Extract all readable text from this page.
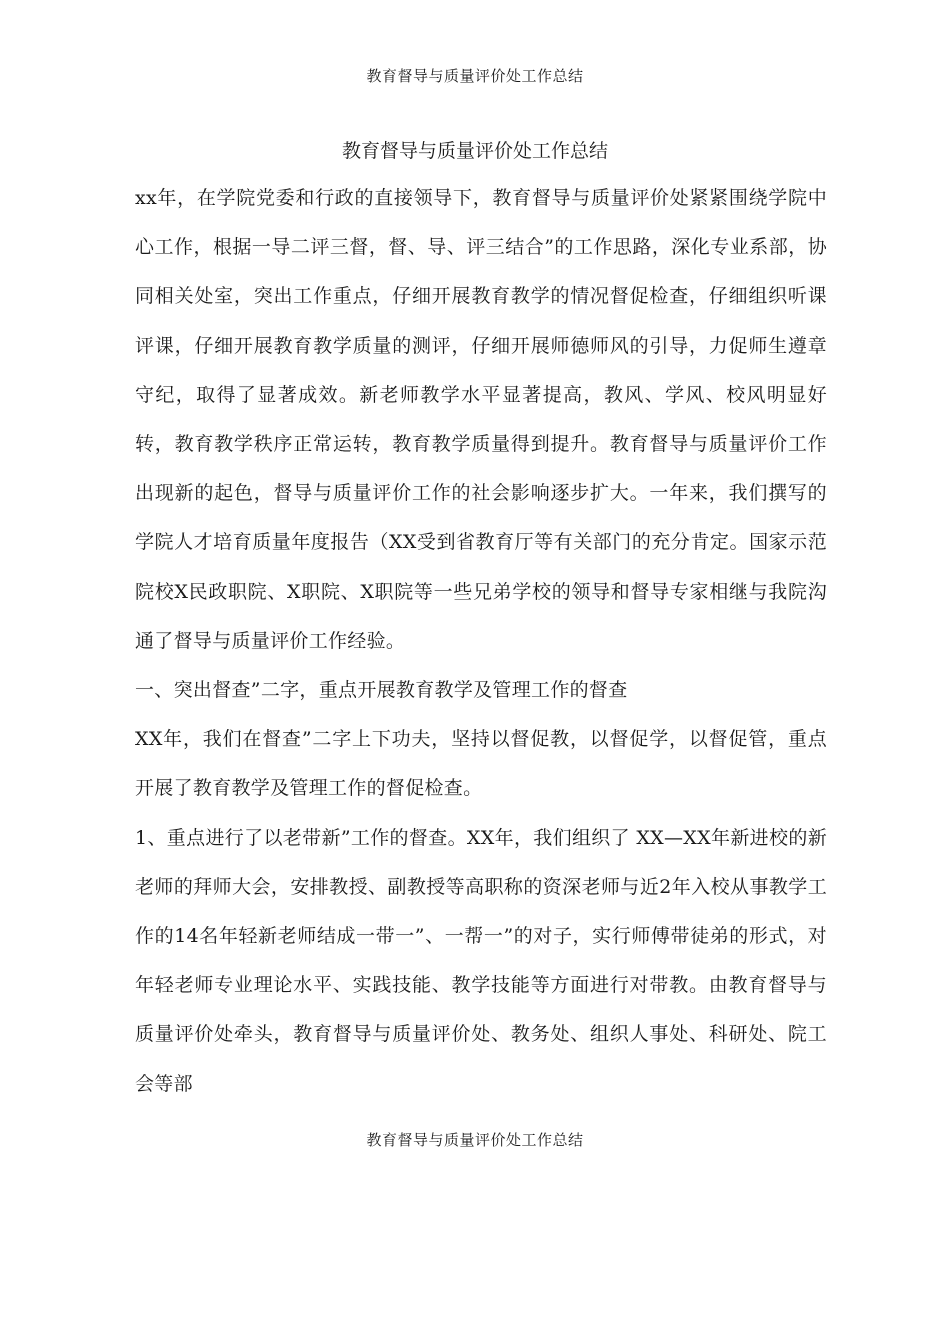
教育督导与质量评价处工作总结
教育督导与质量评价处工作总结

xx年，在学院党委和行政的直接领导下，教育督导与质量评价处紧紧围绕学院中心工作，根据一导二评三督，督、导、评三结合”的工作思路，深化专业系部，协同相关处室，突出工作重点，仔细开展教育教学的情况督促检查，仔细组织听课评课，仔细开展教育教学质量的测评，仔细开展师德师风的引导，力促师生遵章守纪，取得了显著成效。新老师教学水平显著提高，教风、学风、校风明显好转，教育教学秩序正常运转，教育教学质量得到提升。教育督导与质量评价工作出现新的起色，督导与质量评价工作的社会影响逐步扩大。一年来，我们撰写的学院人才培育质量年度报告（XX受到省教育厅等有关部门的充分肯定。国家示范院校X民政职院、X职院、X职院等一些兄弟学校的领导和督导专家相继与我院沟通了督导与质量评价工作经验。

一、突出督查”二字，重点开展教育教学及管理工作的督查

XX年，我们在督查”二字上下功夫，坚持以督促教，以督促学，以督促管，重点开展了教育教学及管理工作的督促检查。

1、重点进行了以老带新”工作的督查。XX年，我们组织了 XX—XX年新进校的新老师的拜师大会，安排教授、副教授等高职称的资深老师与近2年入校从事教学工作的14名年轻新老师结成一带一”、一帮一”的对子，实行师傅带徒弟的形式，对年轻老师专业理论水平、实践技能、教学技能等方面进行对带教。由教育督导与质量评价处牵头，教育督导与质量评价处、教务处、组织人事处、科研处、院工会等部

教育督导与质量评价处工作总结
